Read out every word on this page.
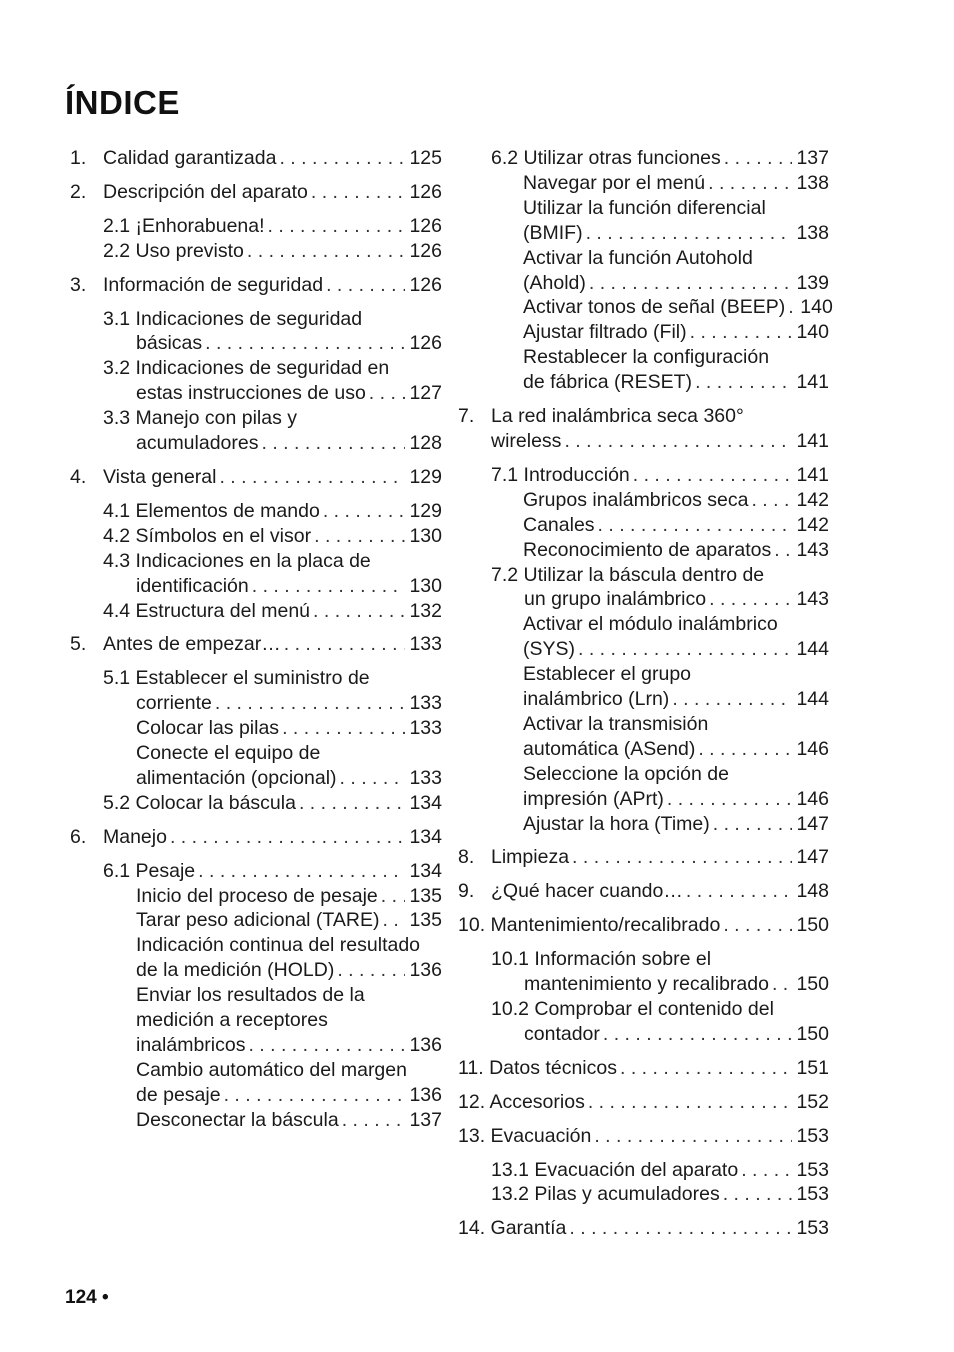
ÍNDICE
1. Calidad garantizada . . .	125
2. Descripción del aparato . . .	126
2.1 ¡Enhorabuena! . . .	126
2.2 Uso previsto . . .	126
3. Información de seguridad . . .	126
3.1 Indicaciones de seguridad
básicas . . .	126
3.2 Indicaciones de seguridad en
estas instrucciones de uso . . . 127
3.3 Manejo con pilas y
acumuladores . . .	128
4. Vista general . . .	129
4.1 Elementos de mando . . .	129
4.2 Símbolos en el visor . . .	130
4.3 Indicaciones en la placa de
identificación . . .	130
4.4 Estructura del menú . . .	132
5. Antes de empezar… . . .	133
5.1 Establecer el suministro de
corriente . . .	133
Colocar las pilas . . .	133
Conecte el equipo de
alimentación (opcional) . . .	133
5.2 Colocar la báscula . . .	134
6. Manejo . . .	134
6.1 Pesaje . . .	134
Inicio del proceso de pesaje . . . 135
Tarar peso adicional (TARE) . . . 135
Indicación continua del resultado
de la medición (HOLD) . . .	136
Enviar los resultados de la
medición a receptores
inalámbricos . . .	136
Cambio automático del margen
de pesaje . . .	136
Desconectar la báscula . . .	137
6.2 Utilizar otras funciones . . .	137
Navegar por el menú . . .	138
Utilizar la función diferencial
(BMIF) . . .	138
Activar la función Autohold
(Ahold) . . .	139
Activar tonos de señal (BEEP) . . . 140
Ajustar filtrado (Fil) . . .	140
Restablecer la configuración
de fábrica (RESET) . . .	141
7. La red inalámbrica seca 360°
wireless . . .	141
7.1 Introducción . . .	141
Grupos inalámbricos seca . . . 142
Canales . . .	142
Reconocimiento de aparatos . . . 143
7.2 Utilizar la báscula dentro de
un grupo inalámbrico . . .	143
Activar el módulo inalámbrico
(SYS) . . .	144
Establecer el grupo
inalámbrico (Lrn) . . .	144
Activar la transmisión
automática (ASend) . . .	146
Seleccione la opción de
impresión (APrt) . . .	146
Ajustar la hora (Time) . . .	147
8. Limpieza . . .	147
9. ¿Qué hacer cuando… . . .	148
10. Mantenimiento/recalibrado . . .	150
10.1 Información sobre el
mantenimiento y recalibrado . . . 150
10.2 Comprobar el contenido del
contador . . .	150
11. Datos técnicos . . .	151
12. Accesorios . . .	152
13. Evacuación . . .	153
13.1 Evacuación del aparato . . .	153
13.2 Pilas y acumuladores . . .	153
14. Garantía . . .	153
124 •
